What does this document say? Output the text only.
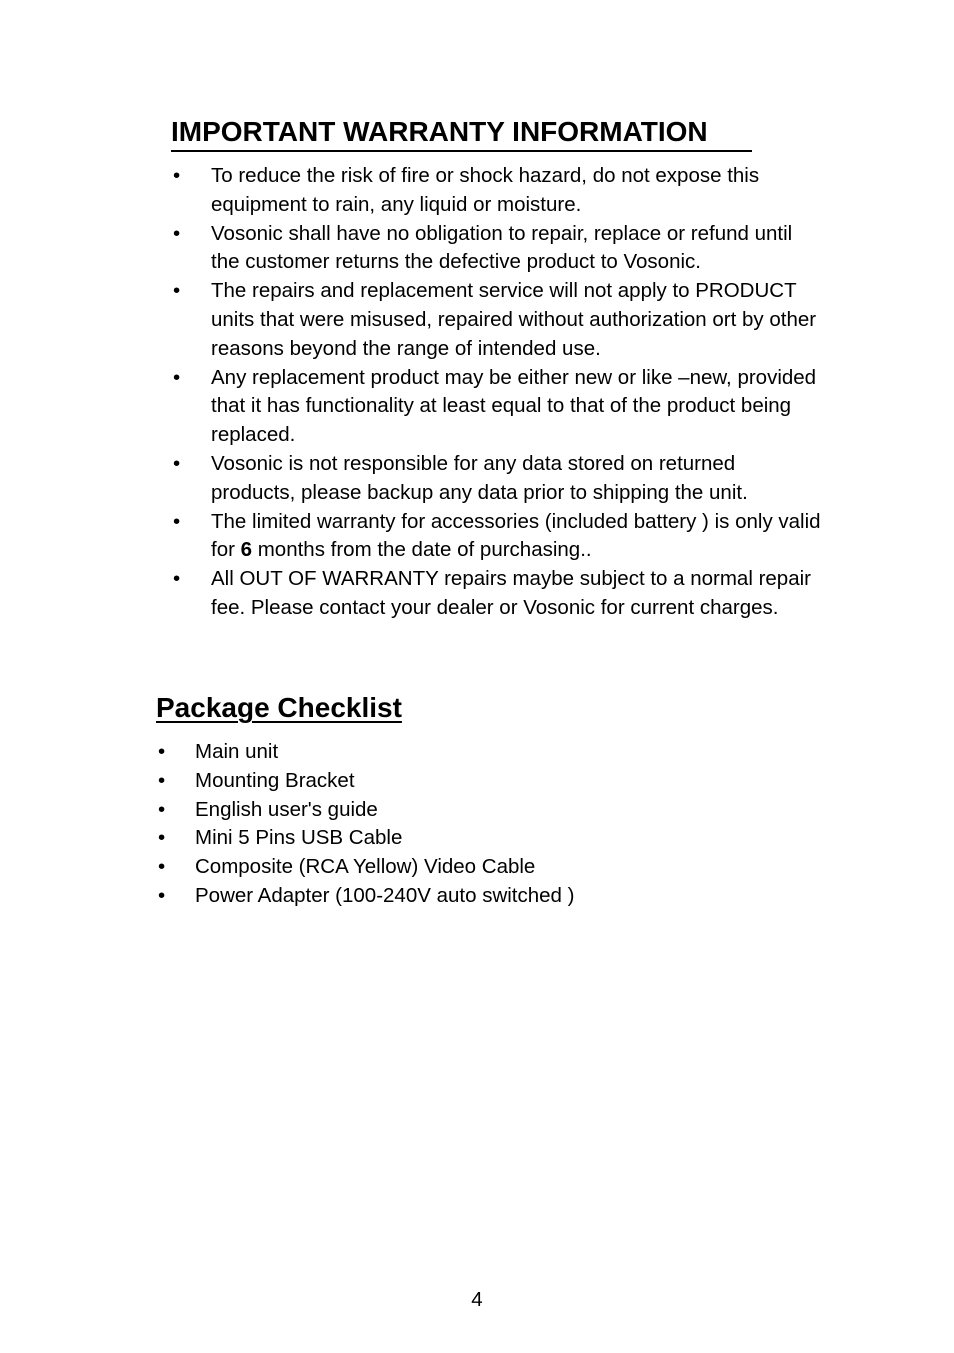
IMPORTANT WARRANTY INFORMATION
• To reduce the risk of fire or shock hazard, do not expose this equipment to rain, any liquid or moisture.
• Vosonic shall have no obligation to repair, replace or refund until the customer returns the defective product to Vosonic.
• The repairs and replacement service will not apply to PRODUCT units that were misused, repaired without authorization ort by other reasons beyond the range of intended use.
• Any replacement product may be either new or like –new, provided that it has functionality at least equal to that of the product being replaced.
• Vosonic is not responsible for any data stored on returned products, please backup any data prior to shipping the unit.
• The limited warranty for accessories (included battery ) is only valid for 6 months from the date of purchasing..
• All OUT OF WARRANTY repairs maybe subject to a normal repair fee. Please contact your dealer or Vosonic for current charges.
Package Checklist
• Main unit
• Mounting Bracket
• English user's guide
• Mini 5 Pins USB Cable
• Composite (RCA Yellow) Video Cable
• Power Adapter (100-240V auto switched )
4
